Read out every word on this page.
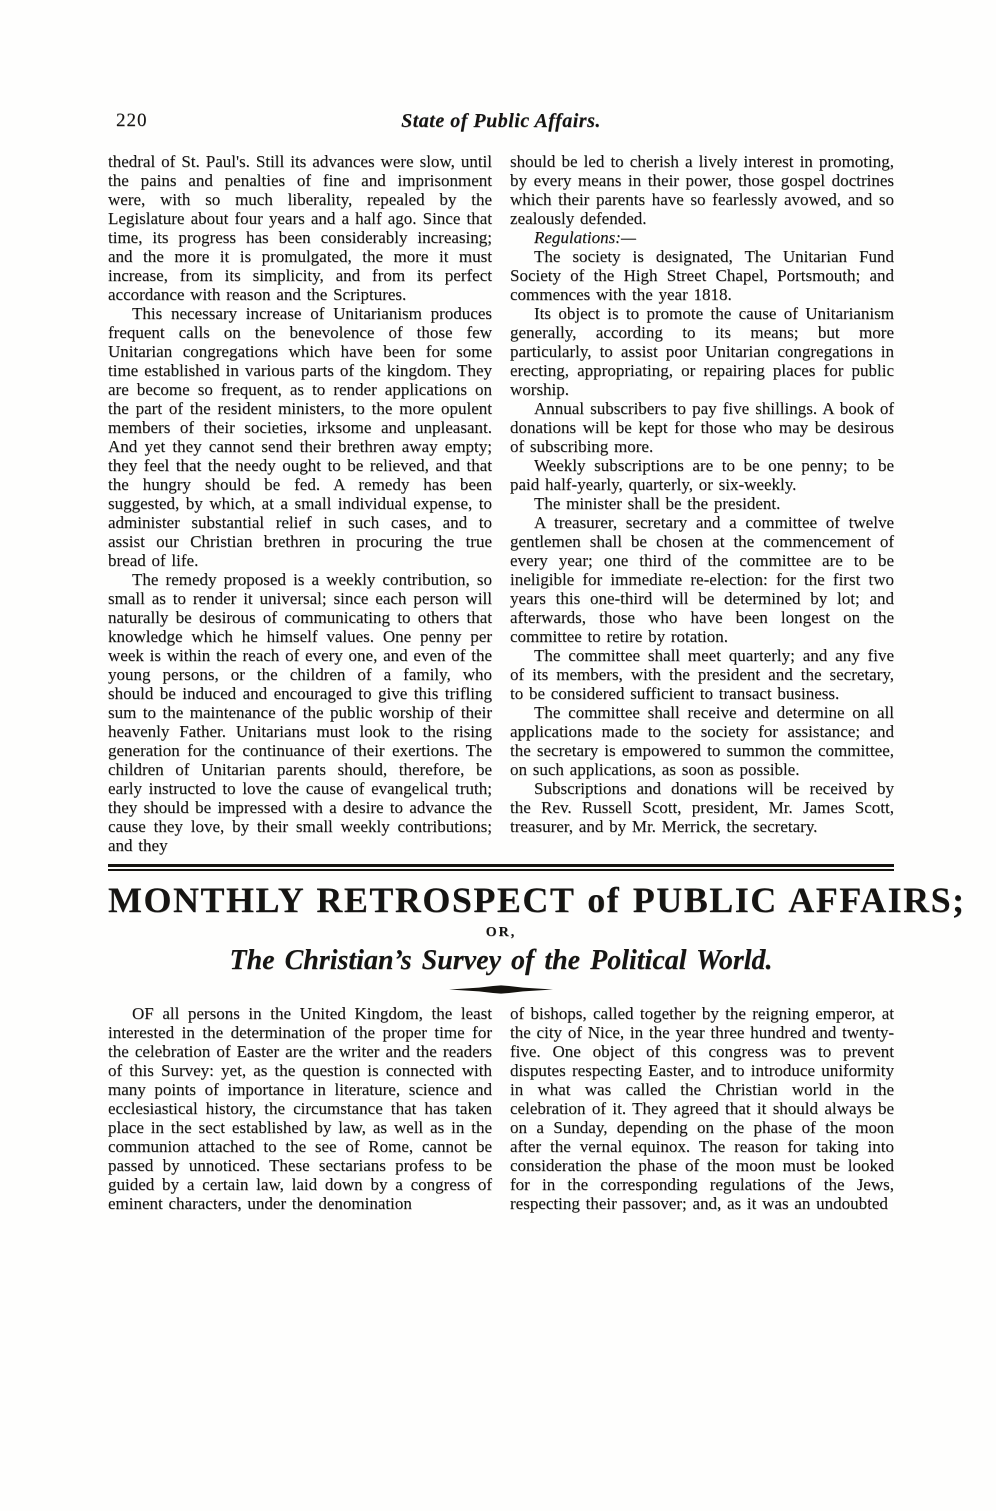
220	State of Public Affairs.

thedral of St. Paul's. Still its advances were slow, until the pains and penalties of fine and imprisonment were, with so much liberality, repealed by the Legislature about four years and a half ago. Since that time, its progress has been considerably increasing; and the more it is promulgated, the more it must increase, from its simplicity, and from its perfect accordance with reason and the Scriptures.

This necessary increase of Unitarianism produces frequent calls on the benevolence of those few Unitarian congregations which have been for some time established in various parts of the kingdom. They are become so frequent, as to render applications on the part of the resident ministers, to the more opulent members of their societies, irksome and unpleasant. And yet they cannot send their brethren away empty; they feel that the needy ought to be relieved, and that the hungry should be fed. A remedy has been suggested, by which, at a small individual expense, to administer substantial relief in such cases, and to assist our Christian brethren in procuring the true bread of life.

The remedy proposed is a weekly contribution, so small as to render it universal; since each person will naturally be desirous of communicating to others that knowledge which he himself values. One penny per week is within the reach of every one, and even of the young persons, or the children of a family, who should be induced and encouraged to give this trifling sum to the maintenance of the public worship of their heavenly Father. Unitarians must look to the rising generation for the continuance of their exertions. The children of Unitarian parents should, therefore, be early instructed to love the cause of evangelical truth; they should be impressed with a desire to advance the cause they love, by their small weekly contributions; and they

should be led to cherish a lively interest in promoting, by every means in their power, those gospel doctrines which their parents have so fearlessly avowed, and so zealously defended.

Regulations:—

The society is designated, The Unitarian Fund Society of the High Street Chapel, Portsmouth; and commences with the year 1818.

Its object is to promote the cause of Unitarianism generally, according to its means; but more particularly, to assist poor Unitarian congregations in erecting, appropriating, or repairing places for public worship.

Annual subscribers to pay five shillings. A book of donations will be kept for those who may be desirous of subscribing more.

Weekly subscriptions are to be one penny; to be paid half-yearly, quarterly, or six-weekly.

The minister shall be the president.

A treasurer, secretary and a committee of twelve gentlemen shall be chosen at the commencement of every year; one third of the committee are to be ineligible for immediate re-election: for the first two years this one-third will be determined by lot; and afterwards, those who have been longest on the committee to retire by rotation.

The committee shall meet quarterly; and any five of its members, with the president and the secretary, to be considered sufficient to transact business.

The committee shall receive and determine on all applications made to the society for assistance; and the secretary is empowered to summon the committee, on such applications, as soon as possible.

Subscriptions and donations will be received by the Rev. Russell Scott, president, Mr. James Scott, treasurer, and by Mr. Merrick, the secretary.

MONTHLY RETROSPECT of PUBLIC AFFAIRS;
OR,
The Christian’s Survey of the Political World.

OF all persons in the United Kingdom, the least interested in the determination of the proper time for the celebration of Easter are the writer and the readers of this Survey: yet, as the question is connected with many points of importance in literature, science and ecclesiastical history, the circumstance that has taken place in the sect established by law, as well as in the communion attached to the see of Rome, cannot be passed by unnoticed. These sectarians profess to be guided by a certain law, laid down by a congress of eminent characters, under the denomination

of bishops, called together by the reigning emperor, at the city of Nice, in the year three hundred and twenty-five. One object of this congress was to prevent disputes respecting Easter, and to introduce uniformity in what was called the Christian world in the celebration of it. They agreed that it should always be on a Sunday, depending on the phase of the moon after the vernal equinox. The reason for taking into consideration the phase of the moon must be looked for in the corresponding regulations of the Jews, respecting their passover; and, as it was an undoubted
